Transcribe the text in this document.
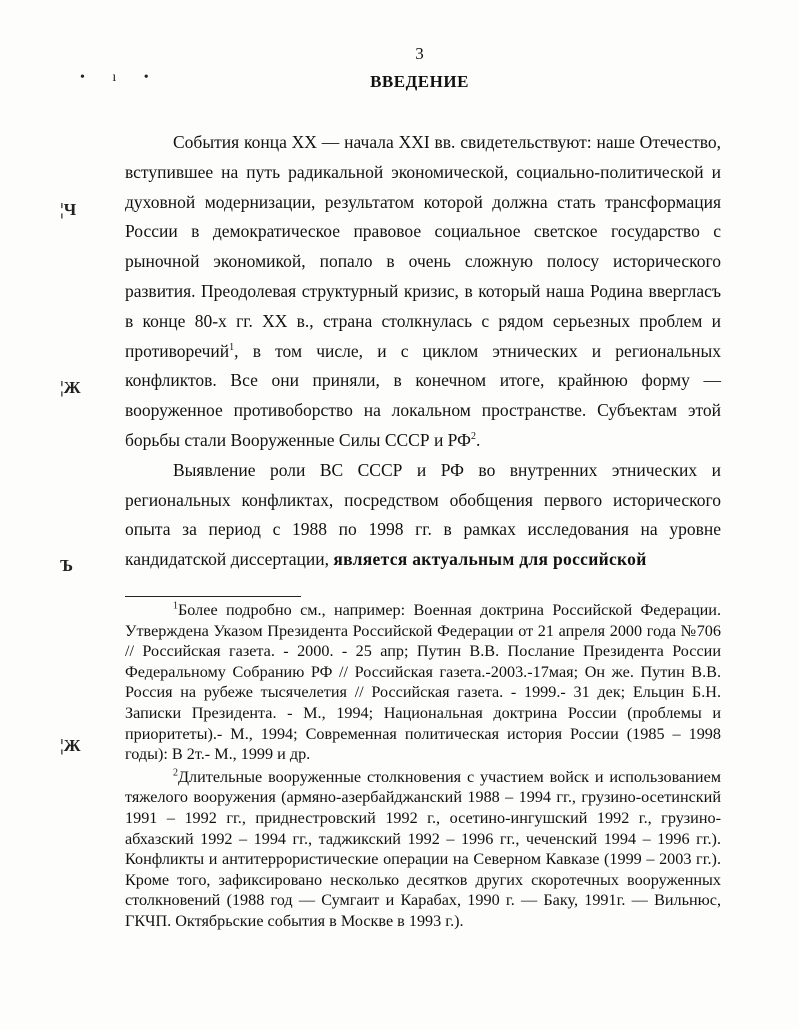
3
• ı •	ВВЕДЕНИЕ
¦Ч
¦Ж
Ъ
¦Ж

События конца XX — начала XXI вв. свидетельствуют: наше Отечество, вступившее на путь радикальной экономической, социально-политической и духовной модернизации, результатом которой должна стать трансформация России в демократическое правовое социальное светское государство с рыночной экономикой, попало в очень сложную полосу исторического развития. Преодолевая структурный кризис, в который наша Родина ввергласъ в конце 80-х гг. XX в., страна столкнулась с рядом серьезных проблем и противоречий$^1$, в том числе, и с циклом этнических и региональных конфликтов. Все они приняли, в конечном итоге, крайнюю форму — вооруженное противоборство на локальном пространстве. Субъектам этой борьбы стали Вооруженные Силы СССР и $РФ^2$.

Выявление роли ВС СССР и РФ во внутренних этнических и региональных конфликтах, посредством обобщения первого исторического опыта за период с 1988 по 1998 гг. в рамках исследования на уровне кандидатской диссертации, является актуальным для российской

$^1$Более подробно см., например: Военная доктрина Российской Федерации. Утверждена Указом Президента Российской Федерации от 21 апреля 2000 года №706 // Российская газета. - 2000. - 25 апр; Путин В.В. Послание Президента России Федеральному Собранию РФ // Российская газета.-2003.-17мая; Он же. Путин В.В. Россия на рубеже тысячелетия // Российская газета. - 1999.- 31 дек; Ельцин Б.Н. Записки Президента. - М., 1994; Национальная доктрина России (проблемы и приоритеты).- М., 1994; Современная политическая история России (1985 – 1998 годы): В 2т.- М., 1999 и др.

$^2$Длительные вооруженные столкновения с участием войск и использованием тяжелого вооружения (армяно-азербайджанский 1988 – 1994 гг., грузино-осетинский 1991 – 1992 гг., приднестровский 1992 г., осетино-ингушский 1992 г., грузино-абхазский 1992 – 1994 гг., таджикский 1992 – 1996 гг., чеченский 1994 – 1996 гг.). Конфликты и антитеррористические операции на Северном Кавказе (1999 – 2003 гг.). Кроме того, зафиксировано несколько десятков других скоротечных вооруженных столкновений (1988 год — Сумгаит и Карабах, 1990 г. — Баку, 1991г. — Вильнюс, ГКЧП. Октябрьские события в Москве в 1993 г.).
